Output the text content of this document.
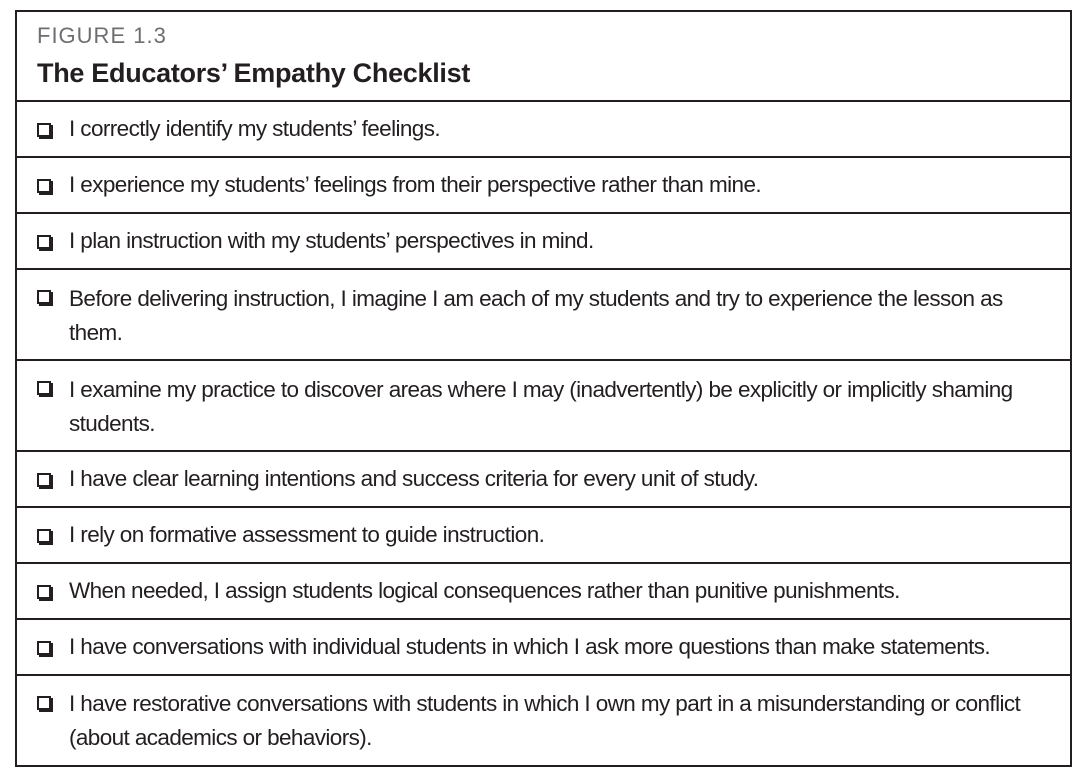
FIGURE 1.3
The Educators’ Empathy Checklist
I correctly identify my students’ feelings.
I experience my students’ feelings from their perspective rather than mine.
I plan instruction with my students’ perspectives in mind.
Before delivering instruction, I imagine I am each of my students and try to experience the lesson as them.
I examine my practice to discover areas where I may (inadvertently) be explicitly or implicitly shaming students.
I have clear learning intentions and success criteria for every unit of study.
I rely on formative assessment to guide instruction.
When needed, I assign students logical consequences rather than punitive punishments.
I have conversations with individual students in which I ask more questions than make statements.
I have restorative conversations with students in which I own my part in a misunderstanding or conflict (about academics or behaviors).
